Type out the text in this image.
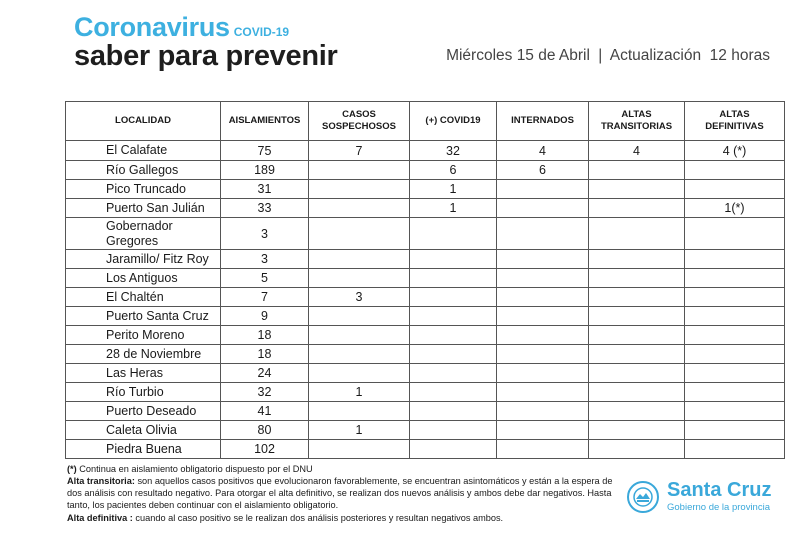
Coronavirus COVID-19
saber para prevenir	Miércoles 15 de Abril | Actualización  12 horas
LOCALIDAD	AISLAMIENTOS	CASOS SOSPECHOSOS	(+) COVID19	INTERNADOS	ALTAS TRANSITORIAS	ALTAS DEFINITIVAS
El Calafate	75	7	32	4	4	4 (*)
Río Gallegos	189		6	6		
Pico Truncado	31		1			
Puerto San Julián	33		1			1(*)
Gobernador Gregores	3					
Jaramillo/ Fitz Roy	3					
Los Antiguos	5					
El Chaltén	7	3				
Puerto Santa Cruz	9					
Perito Moreno	18					
28 de Noviembre	18					
Las Heras	24					
Río Turbio	32	1				
Puerto Deseado	41					
Caleta Olivia	80	1				
Piedra Buena	102					
(*) Continua en aislamiento obligatorio dispuesto por el DNU
Alta transitoria: son aquellos casos positivos que evolucionaron favorablemente, se encuentran asintomáticos y están a la espera de dos análisis con resultado negativo. Para otorgar el alta definitivo, se realizan dos nuevos análisis y ambos debe dar negativos. Hasta tanto, los pacientes deben continuar con el aislamiento obligatorio.
Alta definitiva : cuando al caso positivo se le realizan dos análisis posteriores y resultan negativos ambos.
Santa Cruz
Gobierno de la provincia
